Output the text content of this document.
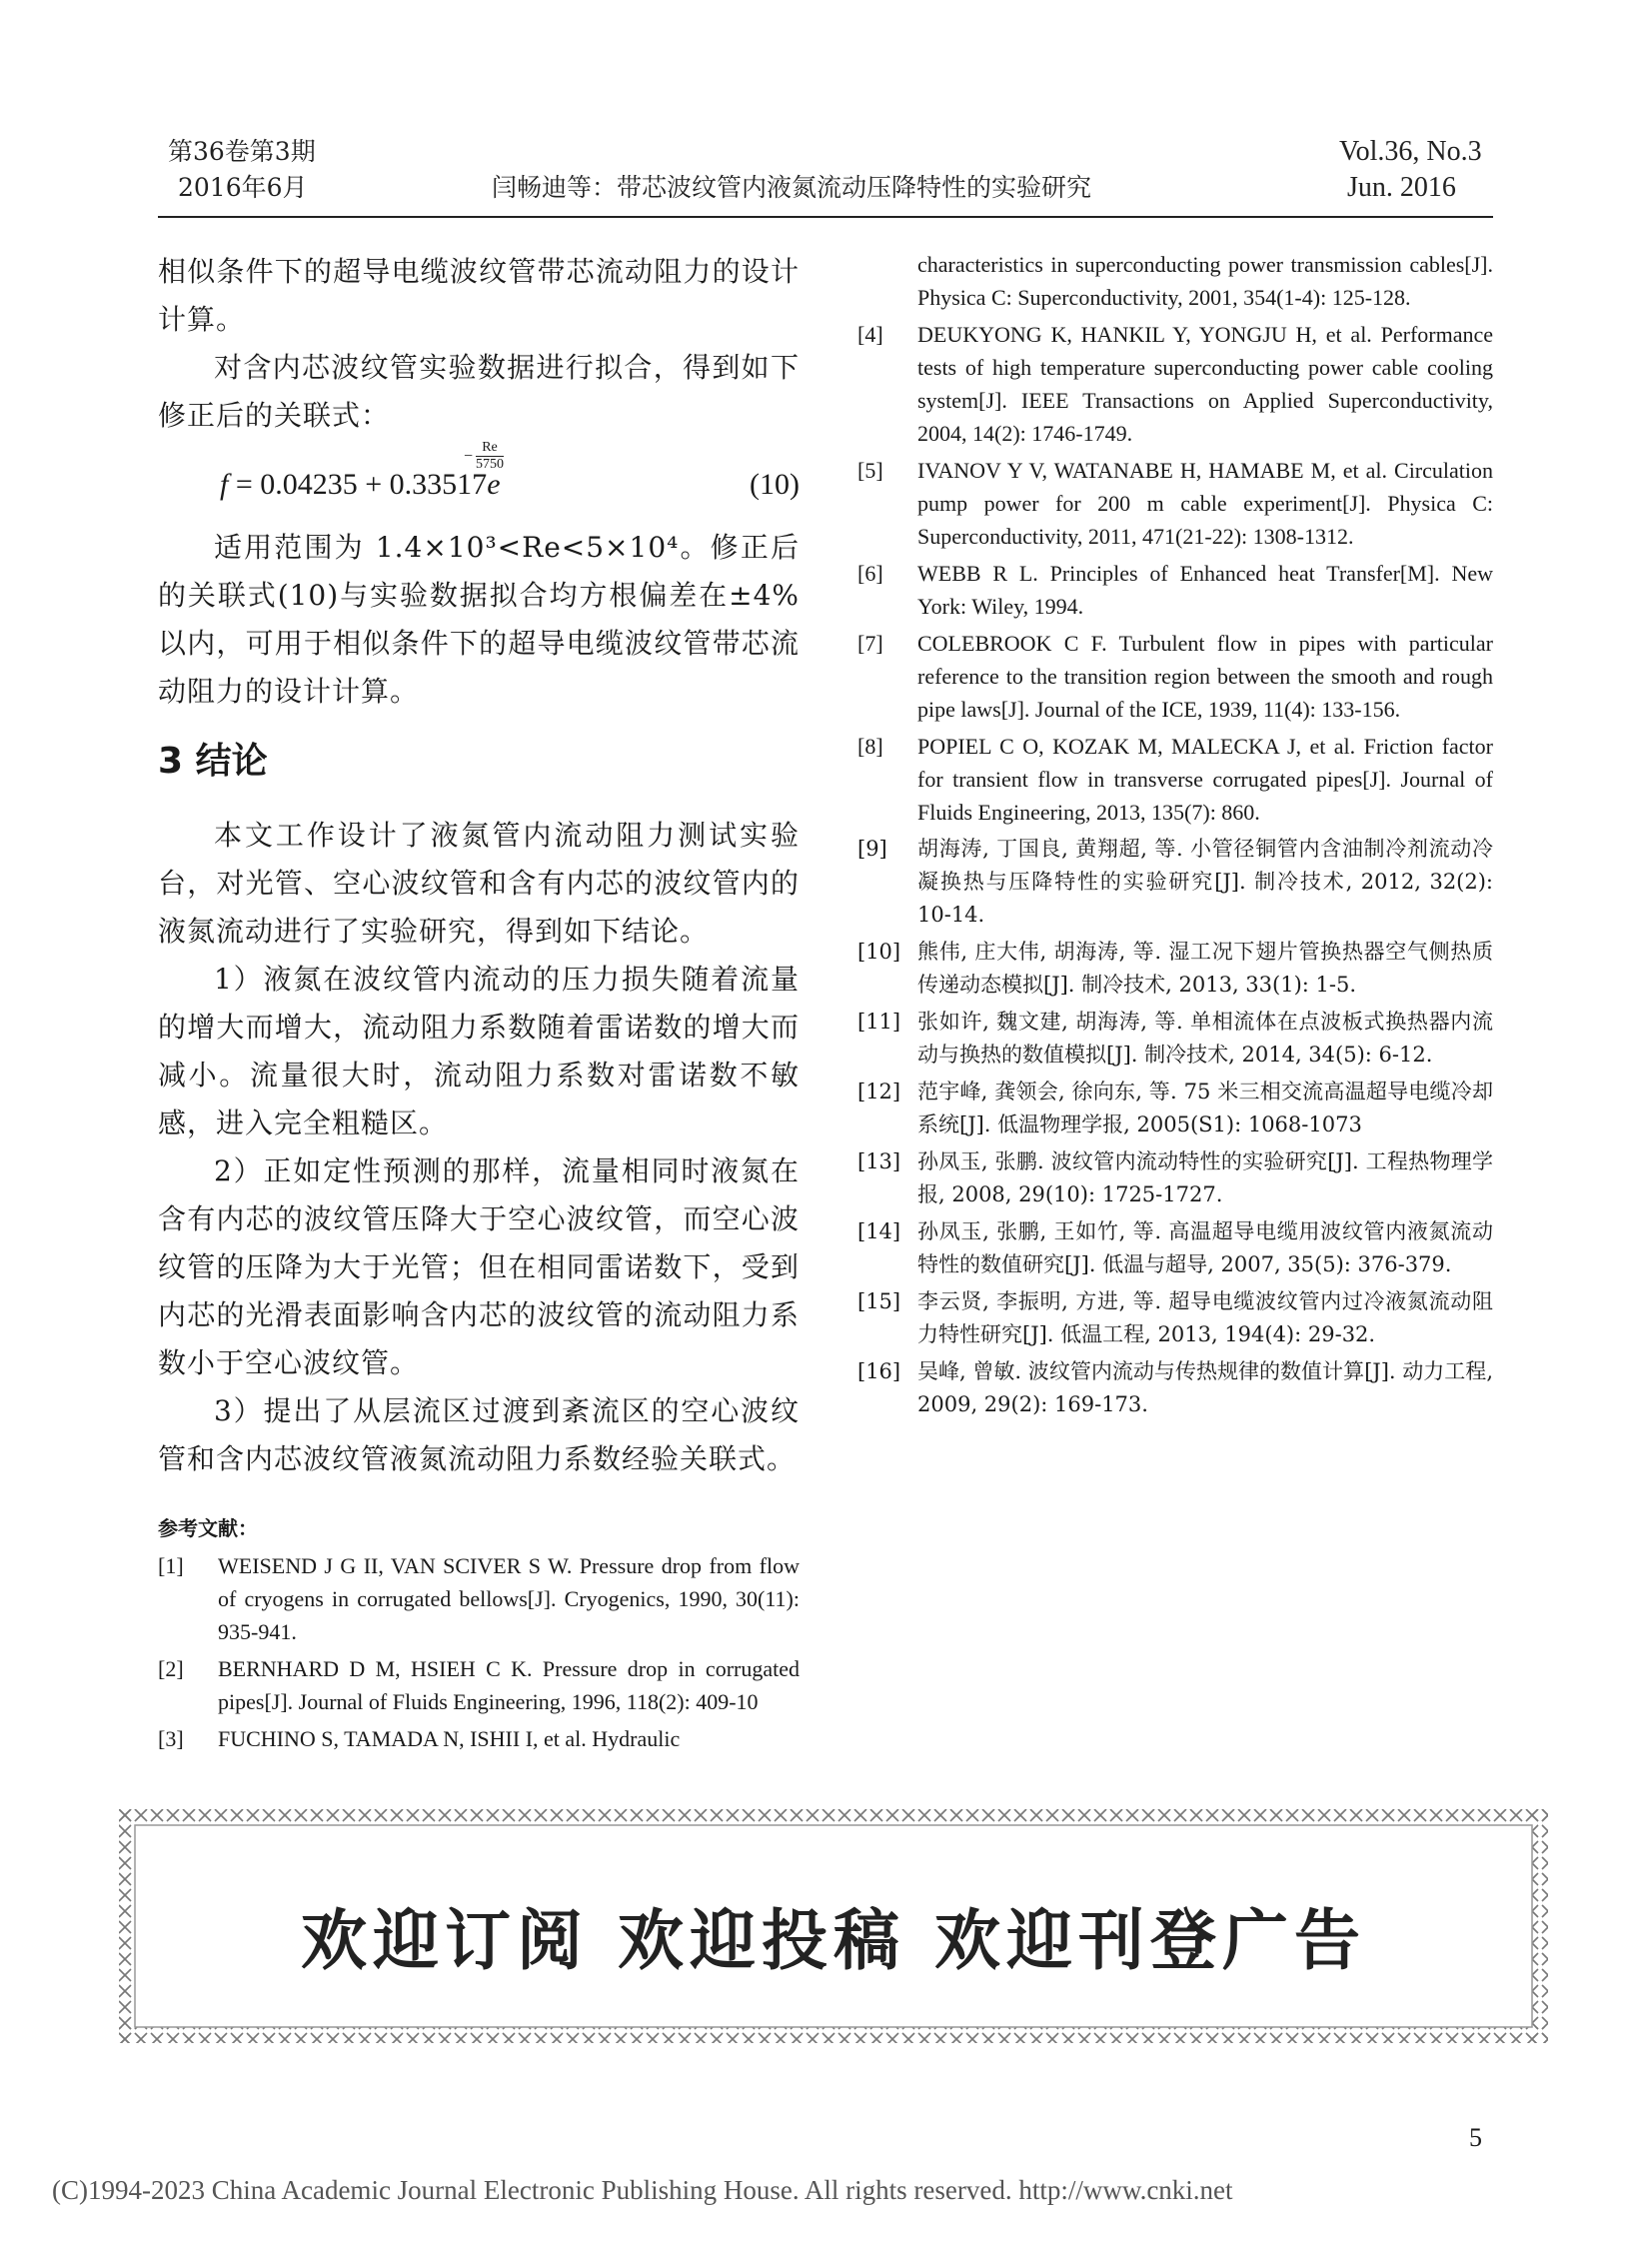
第36卷第3期
2016年6月	闫畅迪等：带芯波纹管内液氮流动压降特性的实验研究
Vol.36, No.3
Jun. 2016

相似条件下的超导电缆波纹管带芯流动阻力的设计计算。

对含内芯波纹管实验数据进行拟合，得到如下修正后的关联式：

f = 0.04235 + 0.33517e
−
Re
5750
(10)

适用范围为 1.4×10³<Re<5×10⁴。修正后的关联式(10)与实验数据拟合均方根偏差在±4%以内，可用于相似条件下的超导电缆波纹管带芯流动阻力的设计计算。

3 结论

本文工作设计了液氮管内流动阻力测试实验台，对光管、空心波纹管和含有内芯的波纹管内的液氮流动进行了实验研究，得到如下结论。

1）液氮在波纹管内流动的压力损失随着流量的增大而增大，流动阻力系数随着雷诺数的增大而减小。流量很大时，流动阻力系数对雷诺数不敏感，进入完全粗糙区。

2）正如定性预测的那样，流量相同时液氮在含有内芯的波纹管压降大于空心波纹管，而空心波纹管的压降为大于光管；但在相同雷诺数下，受到内芯的光滑表面影响含内芯的波纹管的流动阻力系数小于空心波纹管。

3）提出了从层流区过渡到紊流区的空心波纹管和含内芯波纹管液氮流动阻力系数经验关联式。

参考文献：
[1] WEISEND J G II, VAN SCIVER S W. Pressure drop from flow of cryogens in corrugated bellows[J]. Cryogenics, 1990, 30(11): 935-941.
[2] BERNHARD D M, HSIEH C K. Pressure drop in corrugated pipes[J]. Journal of Fluids Engineering, 1996, 118(2): 409-10
[3] FUCHINO S, TAMADA N, ISHII I, et al. Hydraulic
characteristics in superconducting power transmission cables[J]. Physica C: Superconductivity, 2001, 354(1-4): 125-128.
[4] DEUKYONG K, HANKIL Y, YONGJU H, et al. Performance tests of high temperature superconducting power cable cooling system[J]. IEEE Transactions on Applied Superconductivity, 2004, 14(2): 1746-1749.
[5] IVANOV Y V, WATANABE H, HAMABE M, et al. Circulation pump power for 200 m cable experiment[J]. Physica C: Superconductivity, 2011, 471(21-22): 1308-1312.
[6] WEBB R L. Principles of Enhanced heat Transfer[M]. New York: Wiley, 1994.
[7] COLEBROOK C F. Turbulent flow in pipes with particular reference to the transition region between the smooth and rough pipe laws[J]. Journal of the ICE, 1939, 11(4): 133-156.
[8] POPIEL C O, KOZAK M, MALECKA J, et al. Friction factor for transient flow in transverse corrugated pipes[J]. Journal of Fluids Engineering, 2013, 135(7): 860.
[9] 胡海涛, 丁国良, 黄翔超, 等. 小管径铜管内含油制冷剂流动冷凝换热与压降特性的实验研究[J]. 制冷技术, 2012, 32(2): 10-14.
[10] 熊伟, 庄大伟, 胡海涛, 等. 湿工况下翅片管换热器空气侧热质传递动态模拟[J]. 制冷技术, 2013, 33(1): 1-5.
[11] 张如许, 魏文建, 胡海涛, 等. 单相流体在点波板式换热器内流动与换热的数值模拟[J]. 制冷技术, 2014, 34(5): 6-12.
[12] 范宇峰, 龚领会, 徐向东, 等. 75 米三相交流高温超导电缆冷却系统[J]. 低温物理学报, 2005(S1): 1068-1073
[13] 孙凤玉, 张鹏. 波纹管内流动特性的实验研究[J]. 工程热物理学报, 2008, 29(10): 1725-1727.
[14] 孙凤玉, 张鹏, 王如竹, 等. 高温超导电缆用波纹管内液氮流动特性的数值研究[J]. 低温与超导, 2007, 35(5): 376-379.
[15] 李云贤, 李振明, 方进, 等. 超导电缆波纹管内过冷液氮流动阻力特性研究[J]. 低温工程, 2013, 194(4): 29-32.
[16] 吴峰, 曾敏. 波纹管内流动与传热规律的数值计算[J]. 动力工程, 2009, 29(2): 169-173.
欢迎订阅 欢迎投稿 欢迎刊登广告
5
(C)1994-2023 China Academic Journal Electronic Publishing House. All rights reserved. http://www.cnki.net
